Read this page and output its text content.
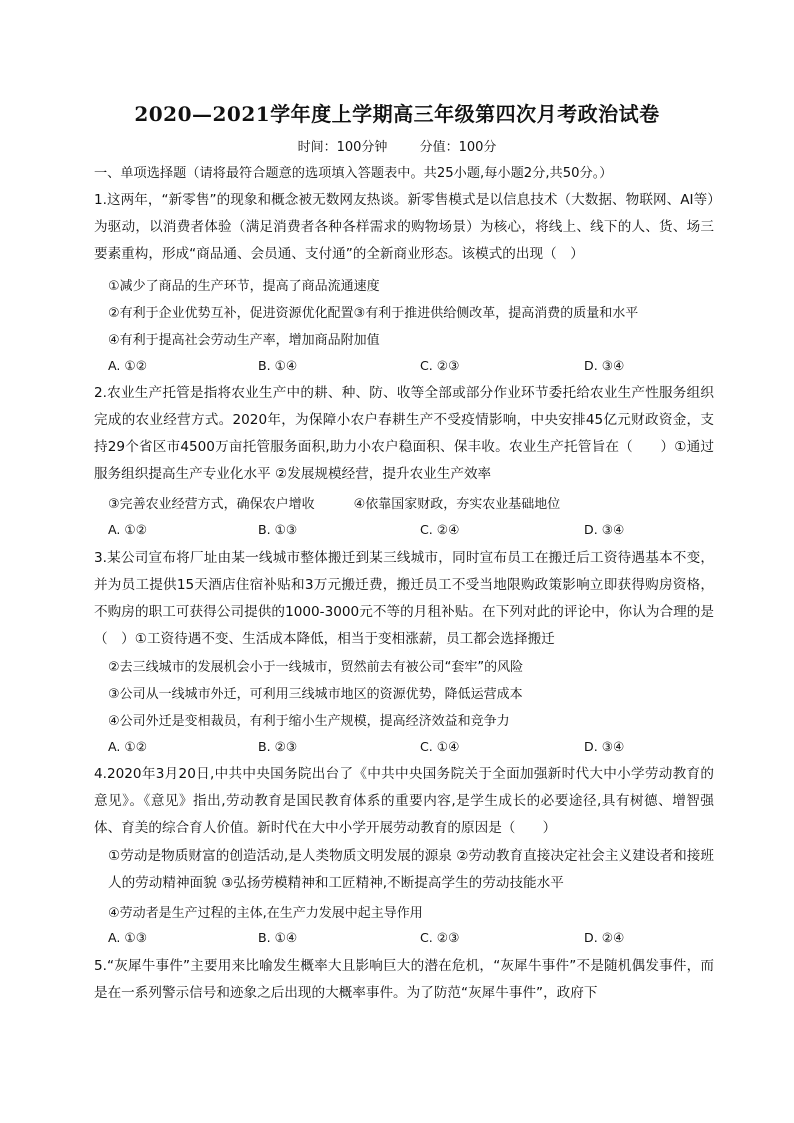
2020—2021学年度上学期高三年级第四次月考政治试卷
时间：100分钟 分值：100分
一、单项选择题（请将最符合题意的选项填入答题表中。共25小题,每小题2分,共50分。）
1.这两年，“新零售”的现象和概念被无数网友热谈。新零售模式是以信息技术（大数据、物联网、AI等）为驱动，以消费者体验（满足消费者各种各样需求的购物场景）为核心，将线上、线下的人、货、场三要素重构，形成“商品通、会员通、支付通”的全新商业形态。该模式的出现（　）
①减少了商品的生产环节，提高了商品流通速度
②有利于企业优势互补，促进资源优化配置③有利于推进供给侧改革，提高消费的质量和水平
④有利于提高社会劳动生产率，增加商品附加值
A. ①②	B. ①④	C. ②③	D. ③④
2.农业生产托管是指将农业生产中的耕、种、防、收等全部或部分作业环节委托给农业生产性服务组织完成的农业经营方式。2020年，为保障小农户春耕生产不受疫情影响，中央安排45亿元财政资金，支持29个省区市4500万亩托管服务面积,助力小农户稳面积、保丰收。农业生产托管旨在（　　）①通过服务组织提高生产专业化水平 ②发展规模经营，提升农业生产效率
③完善农业经营方式，确保农户增收　　　④依靠国家财政，夯实农业基础地位
A. ①②	B. ①③	C. ②④	D. ③④
3.某公司宣布将厂址由某一线城市整体搬迁到某三线城市，同时宣布员工在搬迁后工资待遇基本不变，并为员工提供15天酒店住宿补贴和3万元搬迁费，搬迁员工不受当地限购政策影响立即获得购房资格，不购房的职工可获得公司提供的1000-3000元不等的月租补贴。在下列对此的评论中，你认为合理的是（　）①工资待遇不变、生活成本降低，相当于变相涨薪，员工都会选择搬迁
②去三线城市的发展机会小于一线城市，贸然前去有被公司“套牢”的风险
③公司从一线城市外迁，可利用三线城市地区的资源优势，降低运营成本
④公司外迁是变相裁员，有利于缩小生产规模，提高经济效益和竞争力
A. ①②	B. ②③	C. ①④	D. ③④
4.2020年3月20日,中共中央国务院出台了《中共中央国务院关于全面加强新时代大中小学劳动教育的意见》。《意见》指出,劳动教育是国民教育体系的重要内容,是学生成长的必要途径,具有树德、增智强体、育美的综合育人价值。新时代在大中小学开展劳动教育的原因是（　　）
①劳动是物质财富的创造活动,是人类物质文明发展的源泉 ②劳动教育直接决定社会主义建设者和接班人的劳动精神面貌 ③弘扬劳模精神和工匠精神,不断提高学生的劳动技能水平
④劳动者是生产过程的主体,在生产力发展中起主导作用
A. ①③	B. ①④	C. ②③	D. ②④
5.“灰犀牛事件”主要用来比喻发生概率大且影响巨大的潜在危机，“灰犀牛事件”不是随机偶发事件，而是在一系列警示信号和迹象之后出现的大概率事件。为了防范“灰犀牛事件”，政府下
